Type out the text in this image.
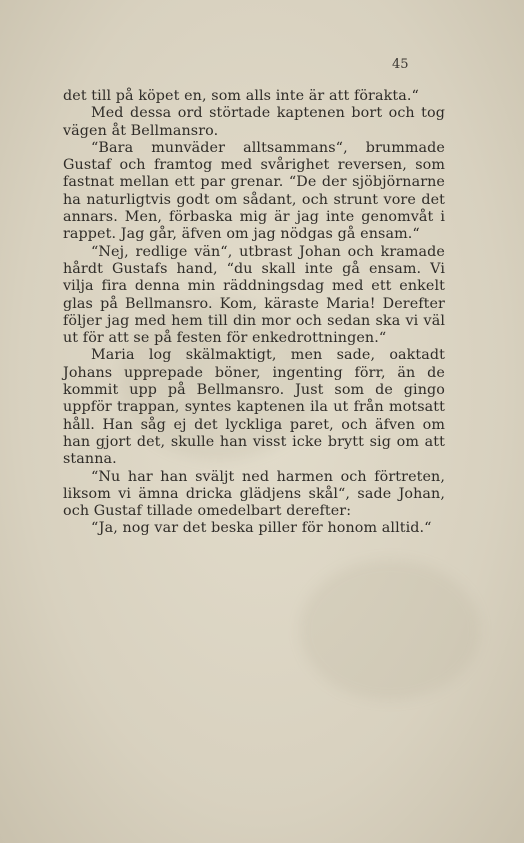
45

det till på köpet en, som alls inte är att förakta.“

Med dessa ord störtade kaptenen bort och tog vägen åt Bellmansro.

“Bara munväder alltsammans“, brummade Gustaf och framtog med svårighet reversen, som fastnat mellan ett par grenar. “De der sjöbjörnarne ha naturligtvis godt om sådant, och strunt vore det annars. Men, förbaska mig är jag inte genomvåt i rappet. Jag går, äfven om jag nödgas gå ensam.“

“Nej, redlige vän“, utbrast Johan och kramade hårdt Gustafs hand, “du skall inte gå ensam. Vi vilja fira denna min räddningsdag med ett enkelt glas på Bellmansro. Kom, käraste Maria! Derefter följer jag med hem till din mor och sedan ska vi väl ut för att se på festen för enkedrottningen.“

Maria log skälmaktigt, men sade, oaktadt Johans upprepade böner, ingenting förr, än de kommit upp på Bellmansro. Just som de gingo uppför trappan, syntes kaptenen ila ut från motsatt håll. Han såg ej det lyckliga paret, och äfven om han gjort det, skulle han visst icke brytt sig om att stanna.

“Nu har han sväljt ned harmen och förtreten, liksom vi ämna dricka glädjens skål“, sade Johan, och Gustaf tillade omedelbart derefter:

“Ja, nog var det beska piller för honom alltid.“
